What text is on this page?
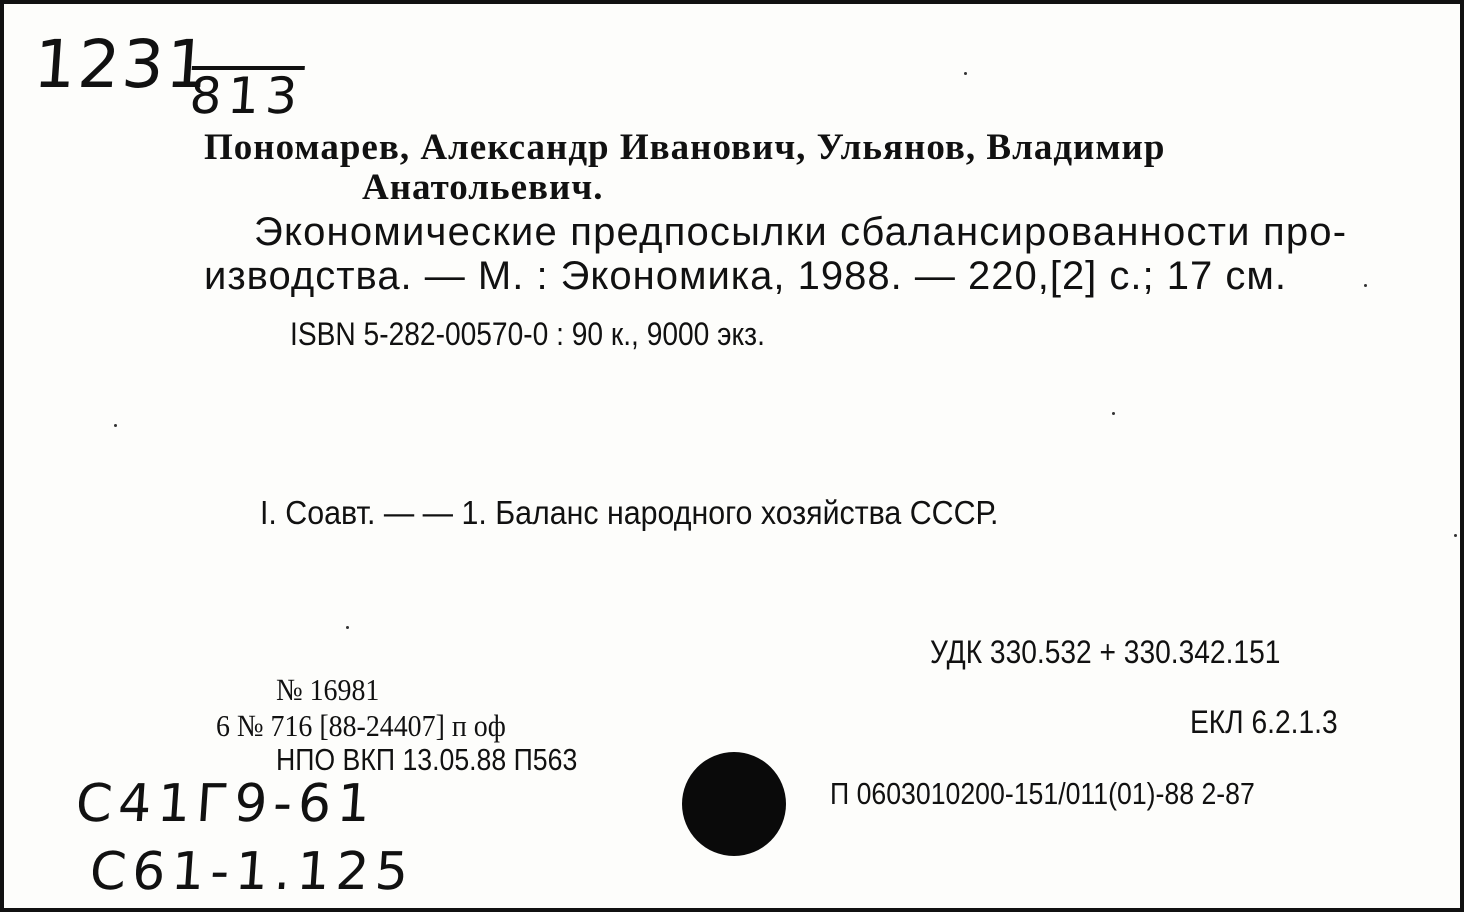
1231
813
Пономарев, Александр Иванович, Ульянов, Владимир
Анатольевич.
Экономические предпосылки сбалансированности про-
изводства. — М. : Экономика, 1988. — 220,[2] с.; 17 см.
ISBN 5-282-00570-0 : 90 к., 9000 экз.
I. Соавт. — — 1. Баланс народного хозяйства СССР.
УДК 330.532 + 330.342.151
№ 16981
6 № 716 [88-24407] п оф	ЕКЛ 6.2.1.3
НПО ВКП 13.05.88 П563
П 0603010200-151/011(01)-88 2-87
С41Г9-61
С61-1.125
